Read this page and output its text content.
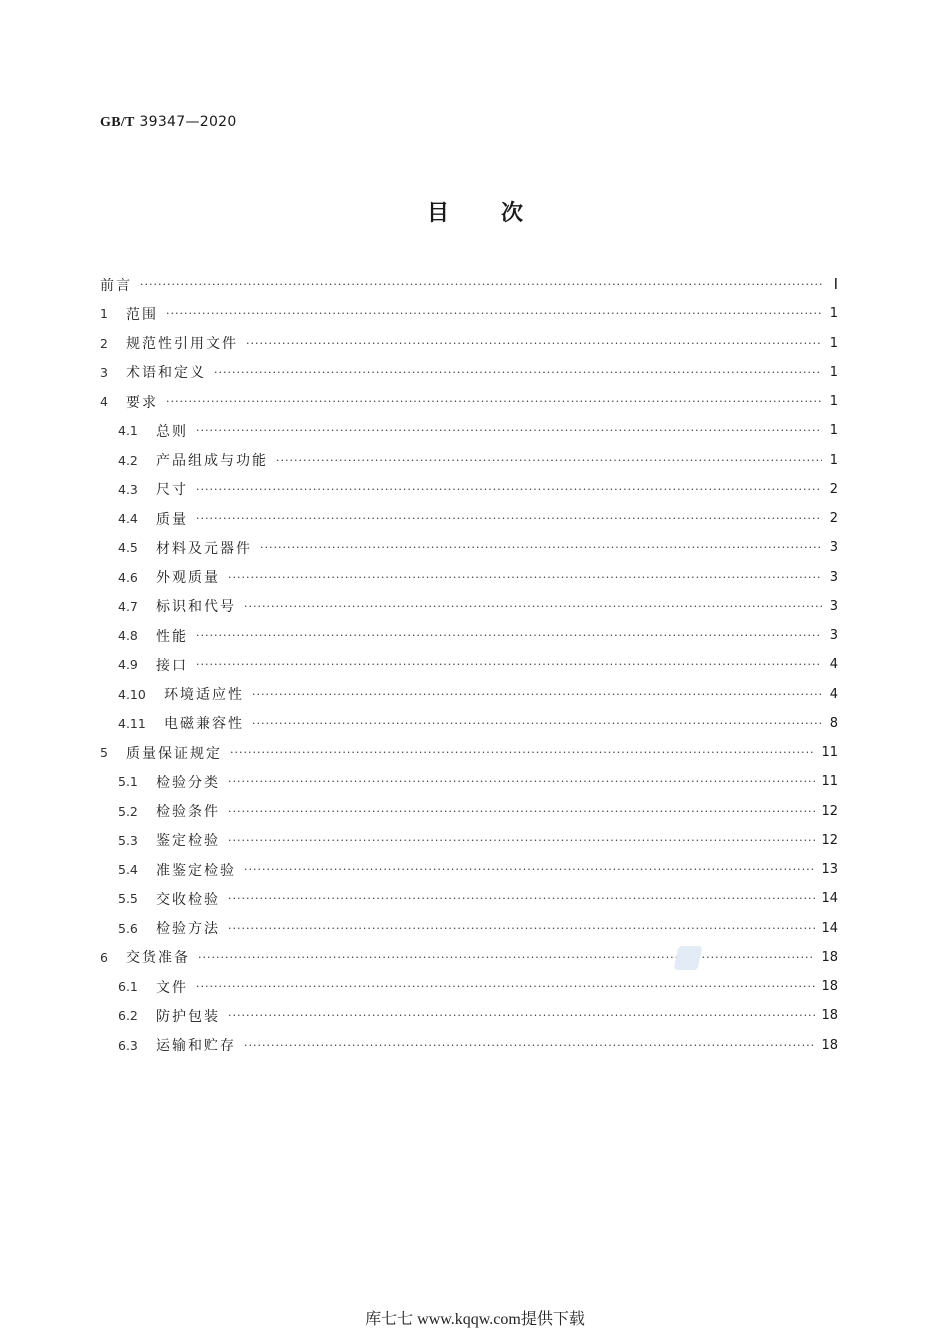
GB/T 39347—2020
目 次
前言 ·····	Ⅰ
1	范围 ·····	1
2	规范性引用文件 ·····	1
3	术语和定义 ·····	1
4	要求 ·····	1
4.1	总则 ·····	1
4.2	产品组成与功能 ·····	1
4.3	尺寸 ·····	2
4.4	质量 ·····	2
4.5	材料及元器件 ·····	3
4.6	外观质量 ·····	3
4.7	标识和代号 ·····	3
4.8	性能 ·····	3
4.9	接口 ·····	4
4.10	环境适应性 ·····	4
4.11	电磁兼容性 ·····	8
5	质量保证规定 ·····	11
5.1	检验分类 ·····	11
5.2	检验条件 ·····	12
5.3	鉴定检验 ·····	12
5.4	准鉴定检验 ·····	13
5.5	交收检验 ·····	14
5.6	检验方法 ·····	14
6	交货准备 ·····	18
6.1	文件 ·····	18
6.2	防护包装 ·····	18
6.3	运输和贮存 ·····	18
库七七 www.kqqw.com提供下载
